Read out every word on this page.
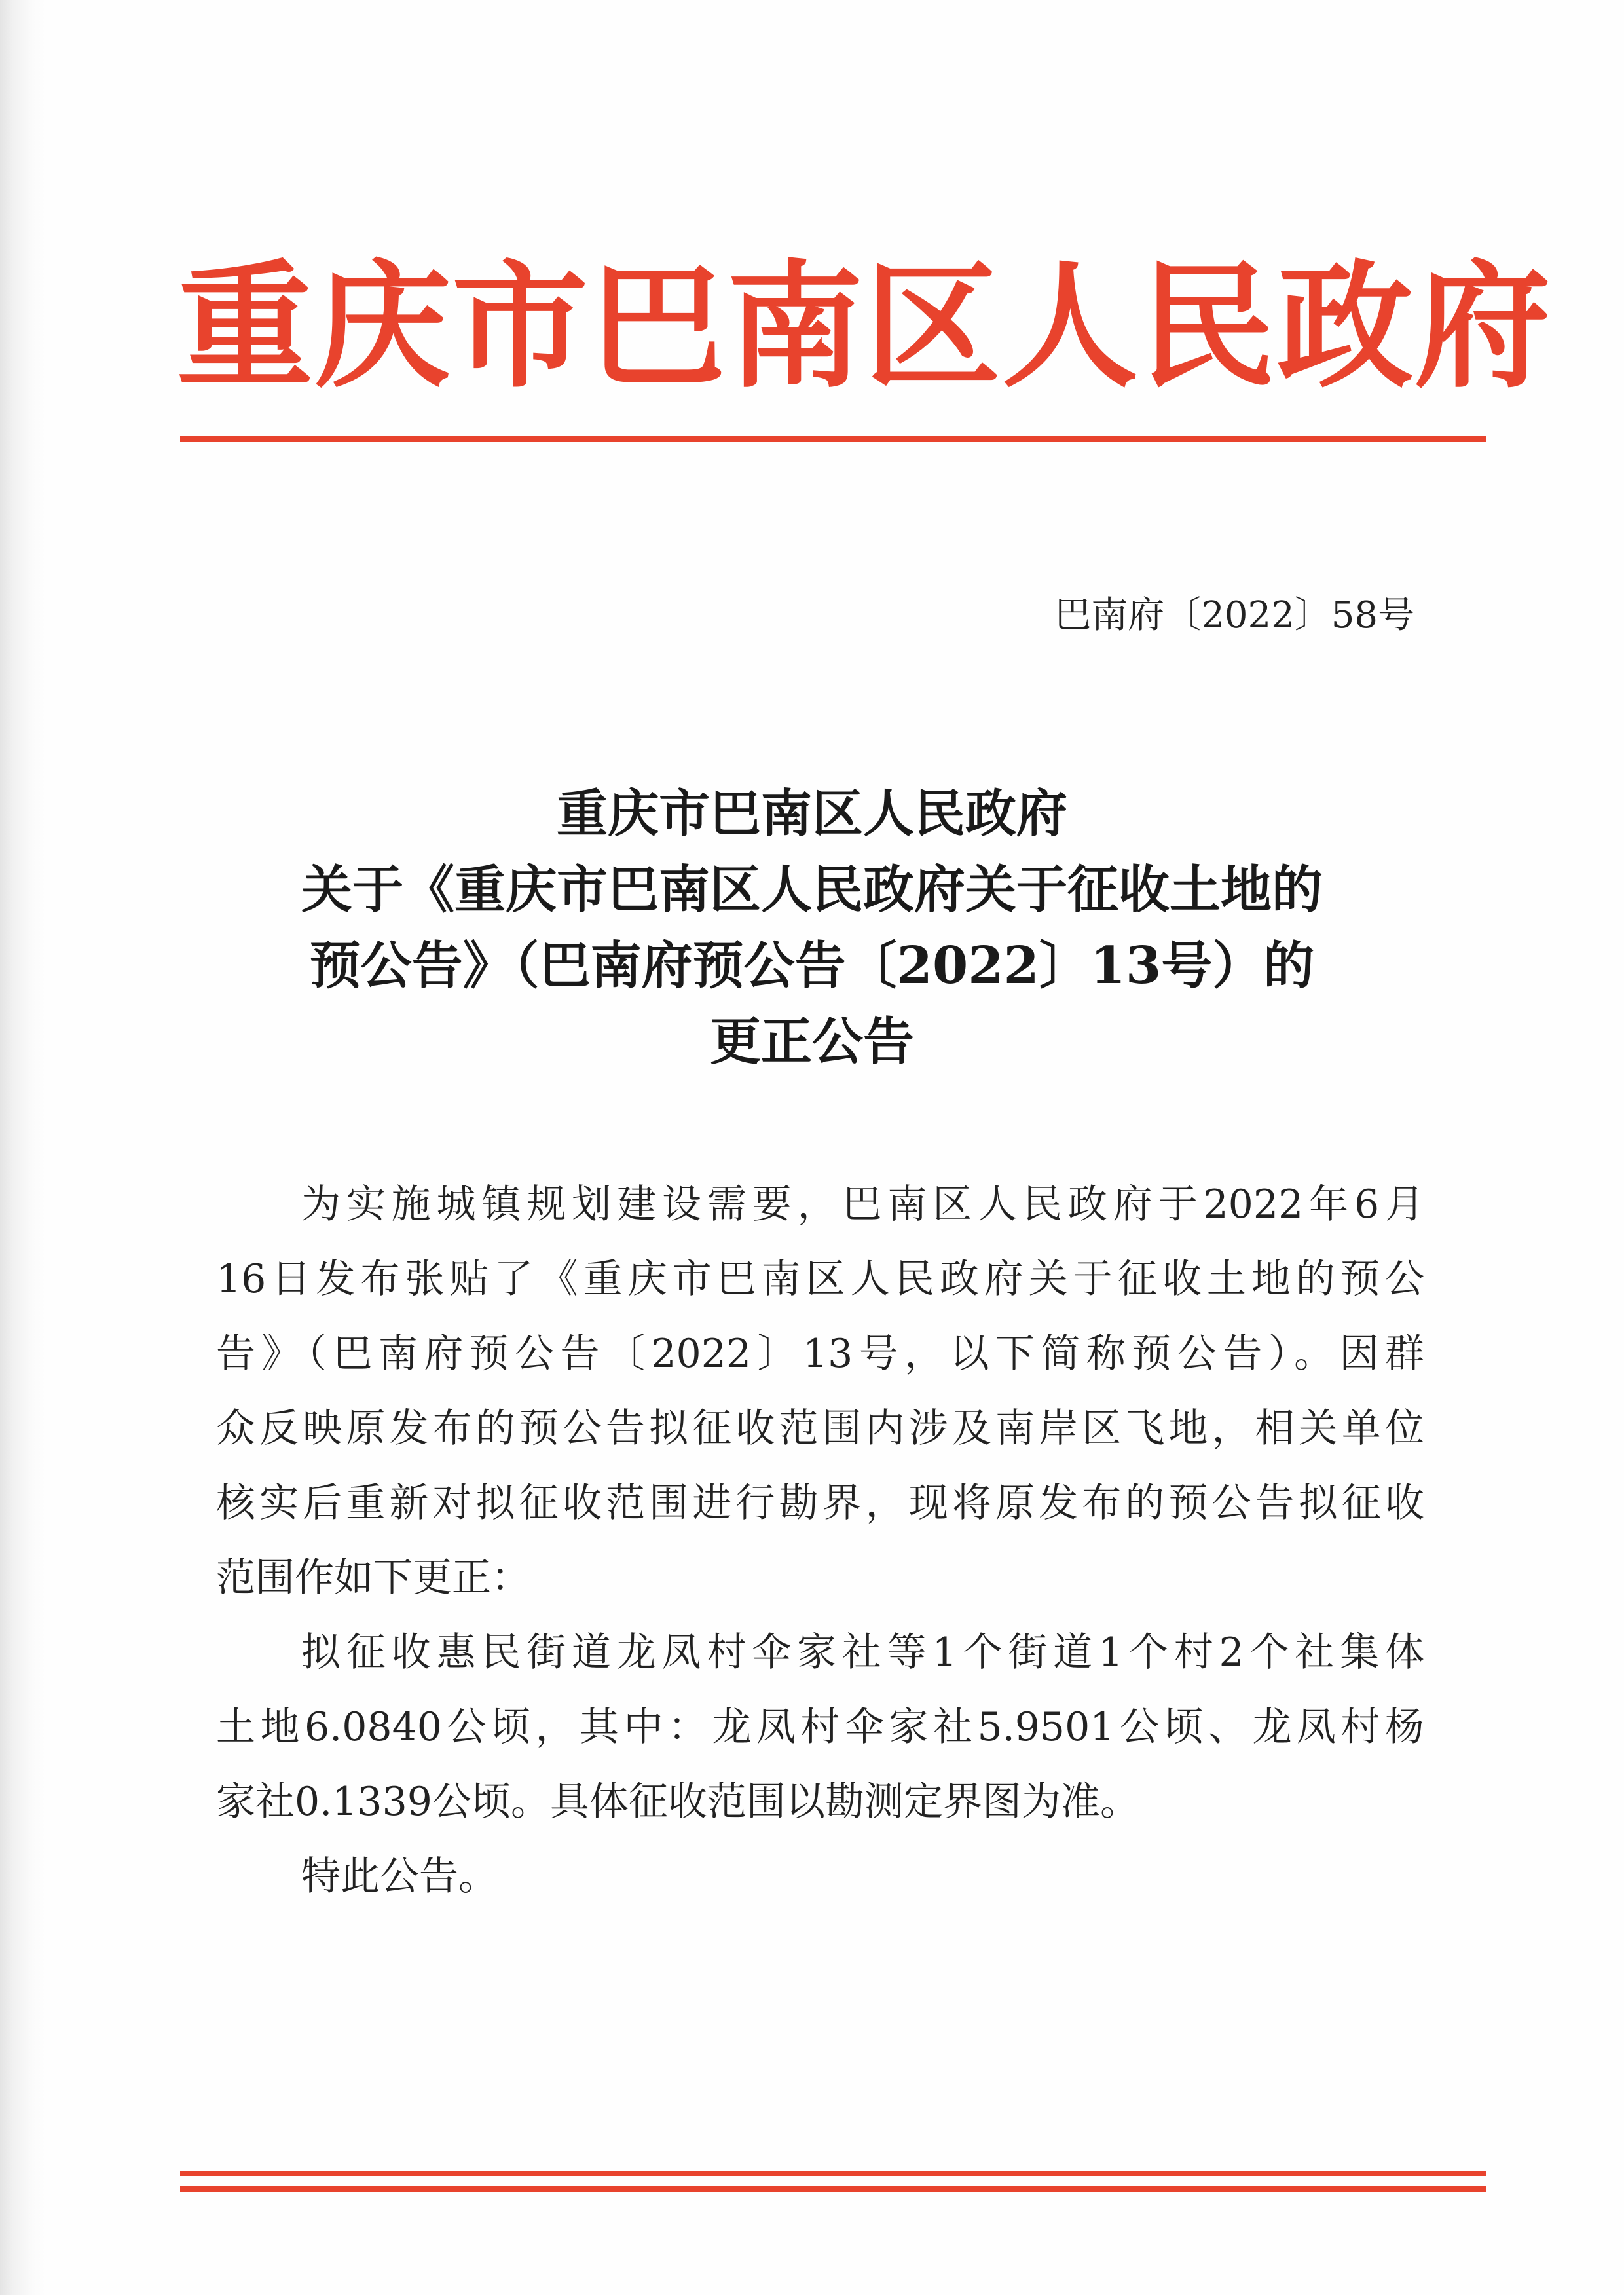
重庆市巴南区人民政府
巴南府〔2022〕58号
重庆市巴南区人民政府
关于《重庆市巴南区人民政府关于征收土地的
预公告》（巴南府预公告〔2022〕13号）的
更正公告
为实施城镇规划建设需要，巴南区人民政府于2022年6月
16日发布张贴了《重庆市巴南区人民政府关于征收土地的预公
告》（巴南府预公告〔2022〕13号，以下简称预公告）。因群
众反映原发布的预公告拟征收范围内涉及南岸区飞地，相关单位
核实后重新对拟征收范围进行勘界，现将原发布的预公告拟征收
范围作如下更正：
拟征收惠民街道龙凤村伞家社等1个街道1个村2个社集体
土地6.0840公顷，其中：龙凤村伞家社5.9501公顷、龙凤村杨
家社0.1339公顷。具体征收范围以勘测定界图为准。
特此公告。
